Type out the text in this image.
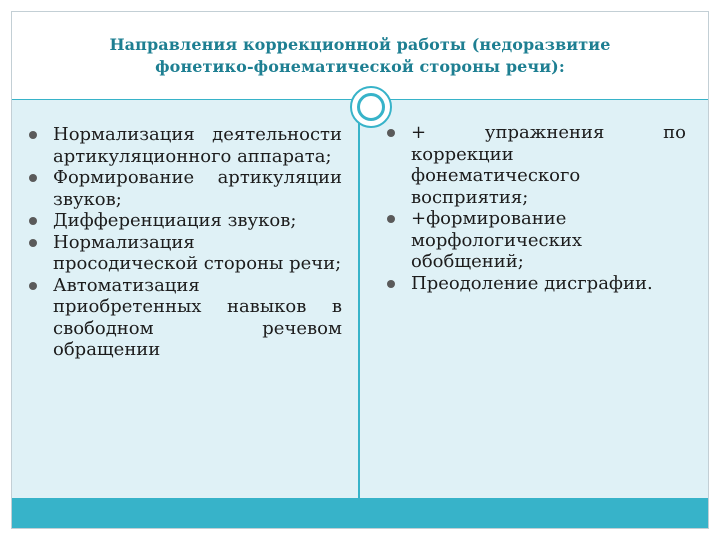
Направления коррекционной работы (недоразвитие фонетико-фонематической стороны речи):
Нормализация деятельности артикуляционного аппарата;
Формирование артикуляции звуков;
Дифференциация звуков;
Нормализация просодической стороны речи;
Автоматизация приобретенных навыков в свободном речевом обращении
+ упражнения по коррекции фонематического восприятия;
+формирование морфологических обобщений;
Преодоление дисграфии.
